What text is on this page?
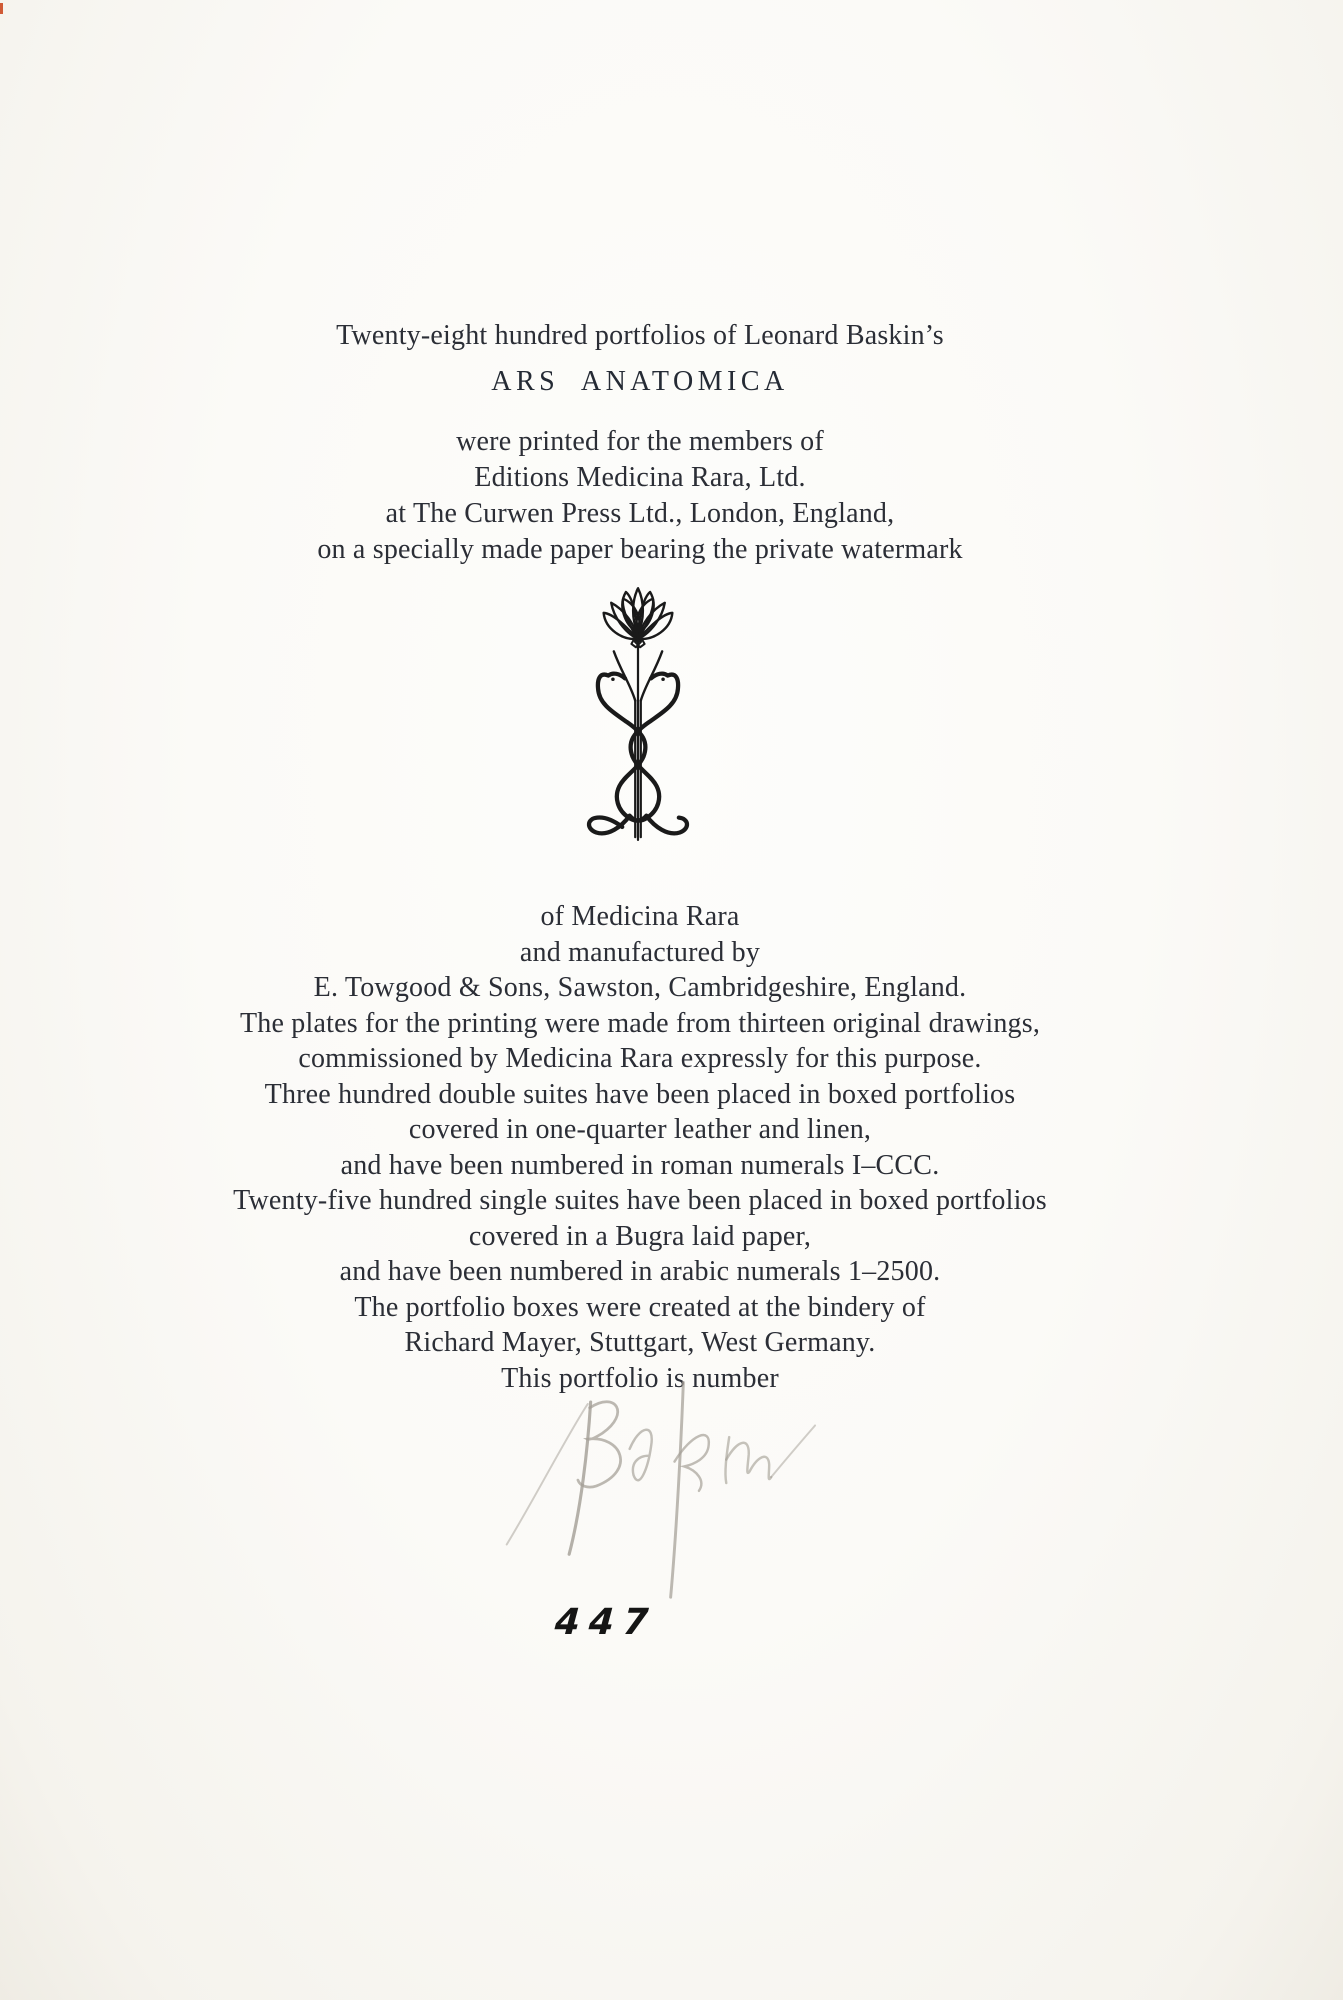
Twenty-eight hundred portfolios of Leonard Baskin’s
ARS ANATOMICA
were printed for the members of
Editions Medicina Rara, Ltd.
at The Curwen Press Ltd., London, England,
on a specially made paper bearing the private watermark
of Medicina Rara
and manufactured by
E. Towgood & Sons, Sawston, Cambridgeshire, England.
The plates for the printing were made from thirteen original drawings,
commissioned by Medicina Rara expressly for this purpose.
Three hundred double suites have been placed in boxed portfolios
covered in one-quarter leather and linen,
and have been numbered in roman numerals I–CCC.
Twenty-five hundred single suites have been placed in boxed portfolios
covered in a Bugra laid paper,
and have been numbered in arabic numerals 1–2500.
The portfolio boxes were created at the bindery of
Richard Mayer, Stuttgart, West Germany.
This portfolio is number
447
